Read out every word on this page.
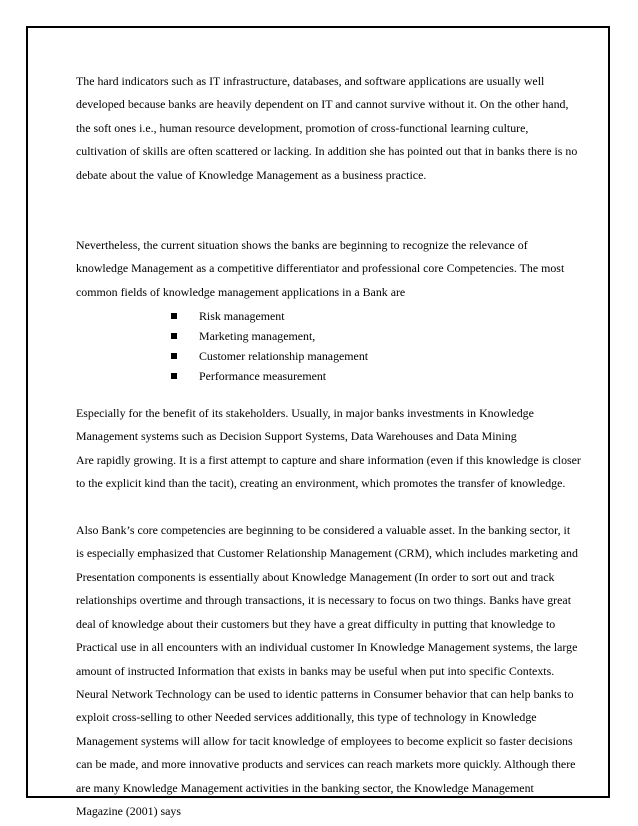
The hard indicators such as IT infrastructure, databases, and software applications are usually well
developed because banks are heavily dependent on IT and cannot survive without it. On the other hand,
the soft ones i.e., human resource development, promotion of cross-functional learning culture,
cultivation of skills are often scattered or lacking. In addition she has pointed out that in banks there is no
debate about the value of Knowledge Management as a business practice.
Nevertheless, the current situation shows the banks are beginning to recognize the relevance of
knowledge Management as a competitive differentiator and professional core Competencies. The most
common fields of knowledge management applications in a Bank are
Risk management
Marketing management,
Customer relationship management
Performance measurement
Especially for the benefit of its stakeholders. Usually, in major banks investments in Knowledge
Management systems such as Decision Support Systems, Data Warehouses and Data Mining
Are rapidly growing. It is a first attempt to capture and share information (even if this knowledge is closer
to the explicit kind than the tacit), creating an environment, which promotes the transfer of knowledge.
Also Bank’s core competencies are beginning to be considered a valuable asset. In the banking sector, it
is especially emphasized that Customer Relationship Management (CRM), which includes marketing and
Presentation components is essentially about Knowledge Management (In order to sort out and track
relationships overtime and through transactions, it is necessary to focus on two things. Banks have great
deal of knowledge about their customers but they have a great difficulty in putting that knowledge to
Practical use in all encounters with an individual customer In Knowledge Management systems, the large
amount of instructed Information that exists in banks may be useful when put into specific Contexts.
Neural Network Technology can be used to identic patterns in Consumer behavior that can help banks to
exploit cross-selling to other Needed services additionally, this type of technology in Knowledge
Management systems will allow for tacit knowledge of employees to become explicit so faster decisions
can be made, and more innovative products and services can reach markets more quickly. Although there
are many Knowledge Management activities in the banking sector, the Knowledge Management
Magazine (2001) says
